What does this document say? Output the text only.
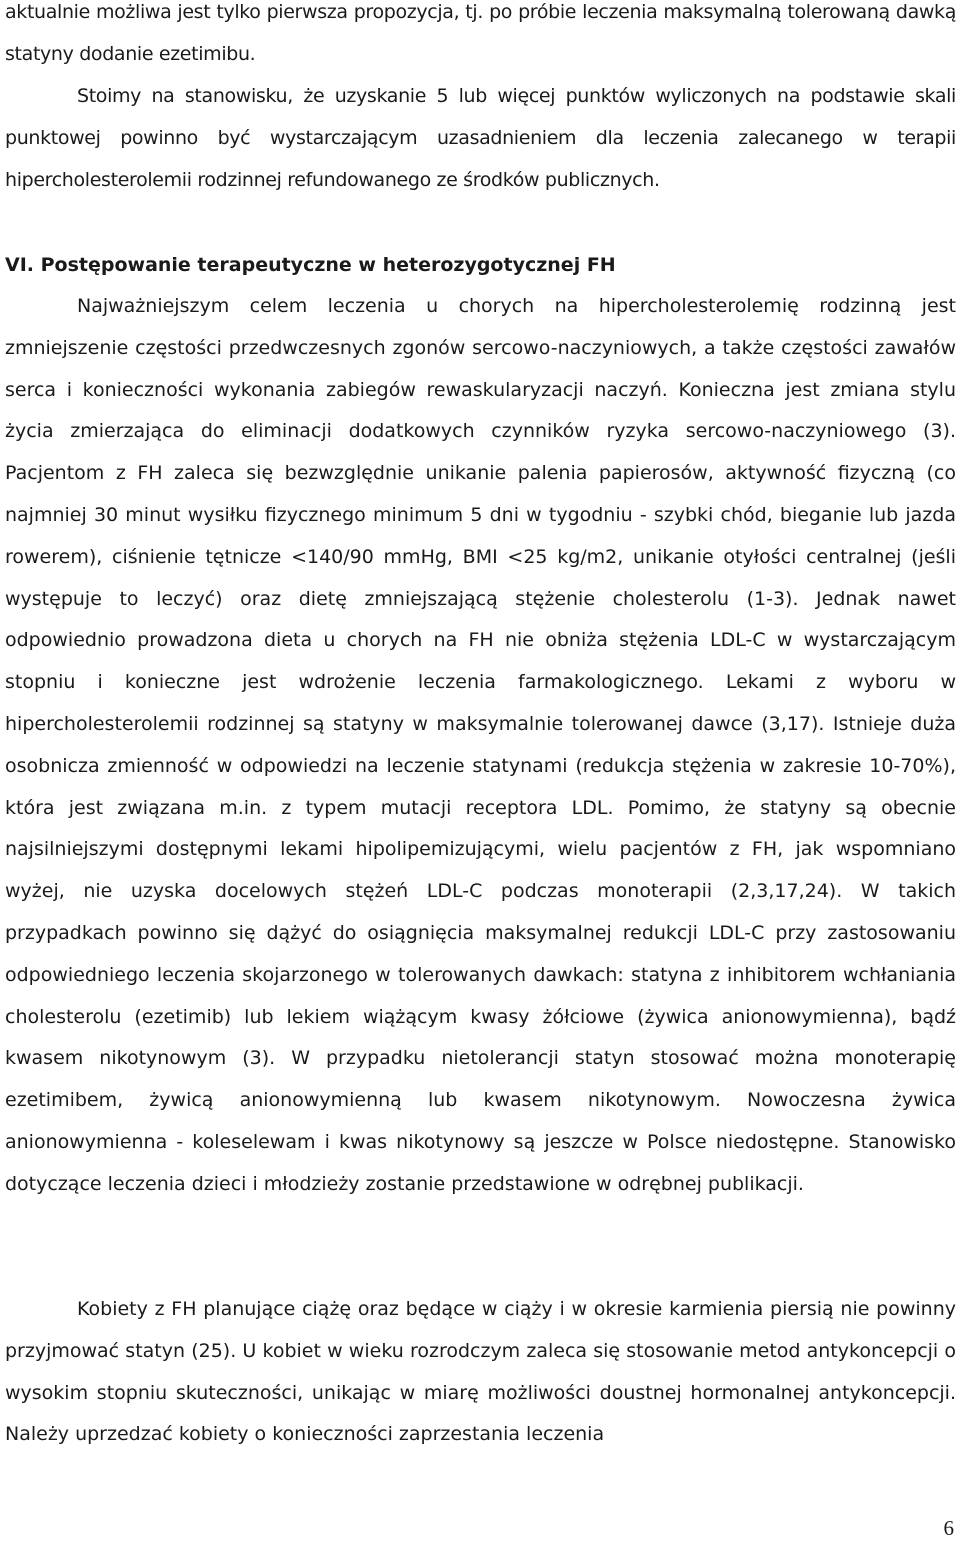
aktualnie możliwa jest tylko pierwsza propozycja, tj. po próbie leczenia maksymalną tolerowaną dawką statyny dodanie ezetimibu.

Stoimy na stanowisku, że uzyskanie 5 lub więcej punktów wyliczonych na podstawie skali punktowej powinno być wystarczającym uzasadnieniem dla leczenia zalecanego w terapii hipercholesterolemii rodzinnej refundowanego ze środków publicznych.

VI. Postępowanie terapeutyczne w heterozygotycznej FH

Najważniejszym celem leczenia u chorych na hipercholesterolemię rodzinną jest zmniejszenie częstości przedwczesnych zgonów sercowo-naczyniowych, a także częstości zawałów serca i konieczności wykonania zabiegów rewaskularyzacji naczyń. Konieczna jest zmiana stylu życia zmierzająca do eliminacji dodatkowych czynników ryzyka sercowo-naczyniowego (3). Pacjentom z FH zaleca się bezwzględnie unikanie palenia papierosów, aktywność fizyczną (co najmniej 30 minut wysiłku fizycznego minimum 5 dni w tygodniu - szybki chód, bieganie lub jazda rowerem), ciśnienie tętnicze <140/90 mmHg, BMI <25 kg/m2, unikanie otyłości centralnej (jeśli występuje to leczyć) oraz dietę zmniejszającą stężenie cholesterolu (1-3). Jednak nawet odpowiednio prowadzona dieta u chorych na FH nie obniża stężenia LDL-C w wystarczającym stopniu i konieczne jest wdrożenie leczenia farmakologicznego. Lekami z wyboru w hipercholesterolemii rodzinnej są statyny w maksymalnie tolerowanej dawce (3,17). Istnieje duża osobnicza zmienność w odpowiedzi na leczenie statynami (redukcja stężenia w zakresie 10-70%), która jest związana m.in. z typem mutacji receptora LDL. Pomimo, że statyny są obecnie najsilniejszymi dostępnymi lekami hipolipemizującymi, wielu pacjentów z FH, jak wspomniano wyżej, nie uzyska docelowych stężeń LDL-C podczas monoterapii (2,3,17,24). W takich przypadkach powinno się dążyć do osiągnięcia maksymalnej redukcji LDL-C przy zastosowaniu odpowiedniego leczenia skojarzonego w tolerowanych dawkach: statyna z inhibitorem wchłaniania cholesterolu (ezetimib) lub lekiem wiążącym kwasy żółciowe (żywica anionowymienna), bądź kwasem nikotynowym (3). W przypadku nietolerancji statyn stosować można monoterapię ezetimibem, żywicą anionowymienną lub kwasem nikotynowym. Nowoczesna żywica anionowymienna - koleselewam i kwas nikotynowy są jeszcze w Polsce niedostępne. Stanowisko dotyczące leczenia dzieci i młodzieży zostanie przedstawione w odrębnej publikacji.

Kobiety z FH planujące ciążę oraz będące w ciąży i w okresie karmienia piersią nie powinny przyjmować statyn (25). U kobiet w wieku rozrodczym zaleca się stosowanie metod antykoncepcji o wysokim stopniu skuteczności, unikając w miarę możliwości doustnej hormonalnej antykoncepcji. Należy uprzedzać kobiety o konieczności zaprzestania leczenia

6
